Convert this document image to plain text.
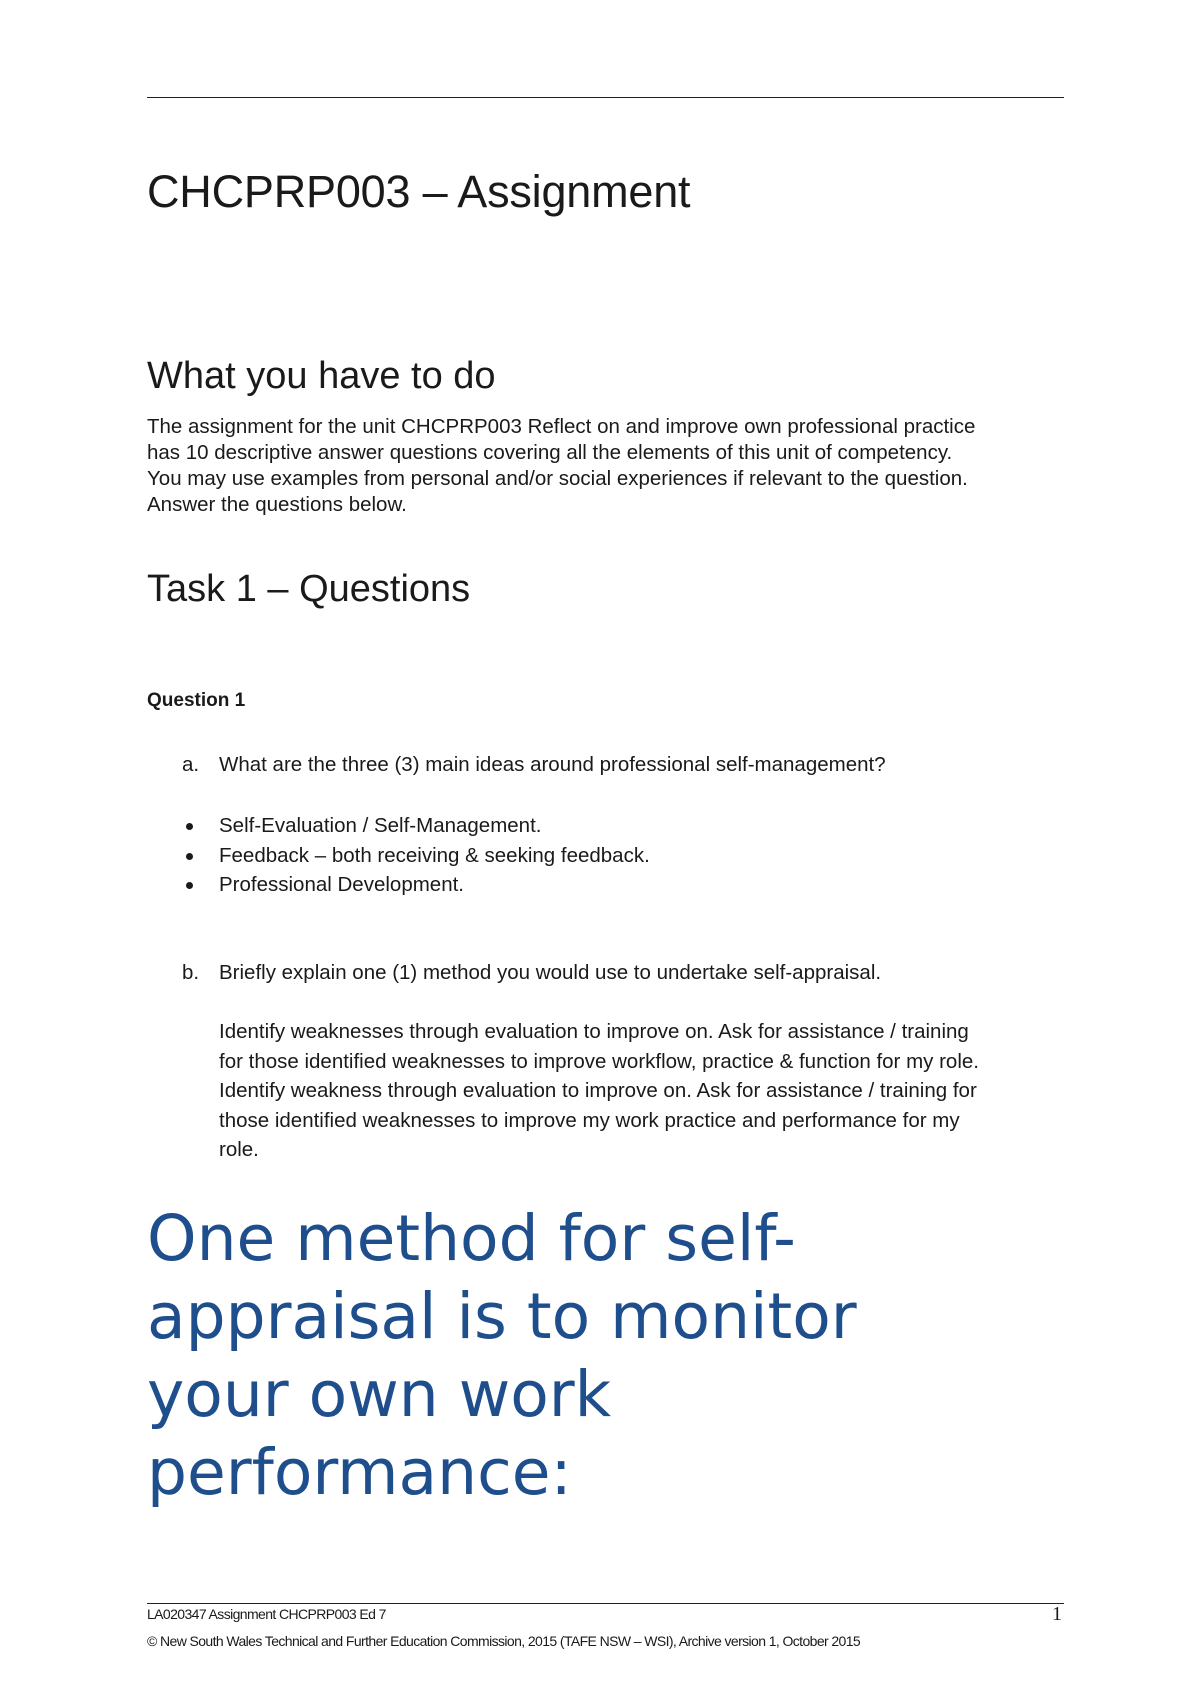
CHCPRP003 – Assignment
What you have to do

The assignment for the unit CHCPRP003 Reflect on and improve own professional practice
has 10 descriptive answer questions covering all the elements of this unit of competency.
You may use examples from personal and/or social experiences if relevant to the question.
Answer the questions below.

Task 1 – Questions

Question 1

a. What are the three (3) main ideas around professional self-management?

Self-Evaluation / Self-Management.
Feedback – both receiving & seeking feedback.
Professional Development.

b. Briefly explain one (1) method you would use to undertake self-appraisal.

Identify weaknesses through evaluation to improve on. Ask for assistance / training
for those identified weaknesses to improve workflow, practice & function for my role.
Identify weakness through evaluation to improve on. Ask for assistance / training for
those identified weaknesses to improve my work practice and performance for my
role.

One method for self-
appraisal is to monitor
your own work
performance:

LA020347 Assignment CHCPRP003 Ed 7	1

© New South Wales Technical and Further Education Commission, 2015 (TAFE NSW – WSI), Archive version 1, October 2015
